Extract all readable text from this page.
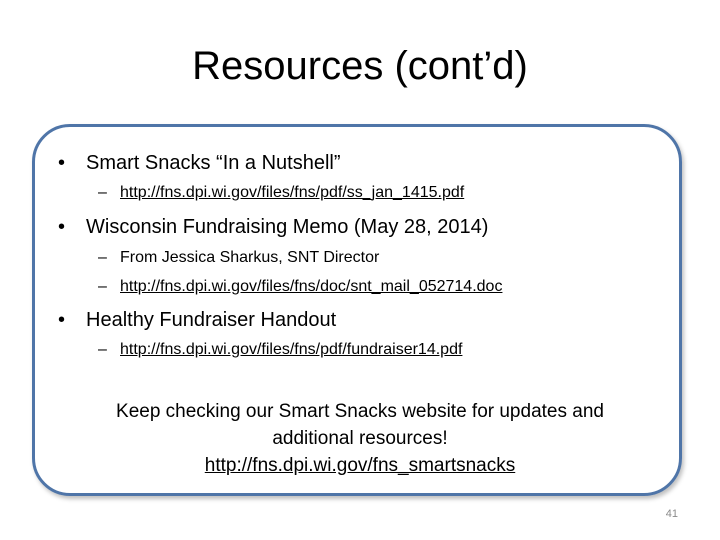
Resources (cont’d)
• Smart Snacks “In a Nutshell”
– http://fns.dpi.wi.gov/files/fns/pdf/ss_jan_1415.pdf
• Wisconsin Fundraising Memo (May 28, 2014)
– From Jessica Sharkus, SNT Director
– http://fns.dpi.wi.gov/files/fns/doc/snt_mail_052714.doc
• Healthy Fundraiser Handout
– http://fns.dpi.wi.gov/files/fns/pdf/fundraiser14.pdf
Keep checking our Smart Snacks website for updates and
additional resources!
http://fns.dpi.wi.gov/fns_smartsnacks
41
